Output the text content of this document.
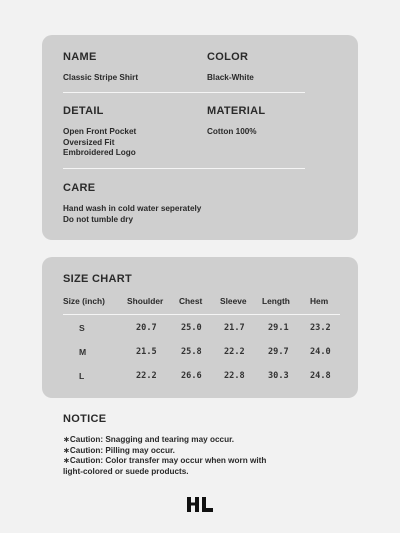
NAME
Classic Stripe Shirt
COLOR
Black-White
DETAIL
Open Front Pocket
Oversized Fit
Embroidered Logo
MATERIAL
Cotton 100%
CARE
Hand wash in cold water seperately
Do not tumble dry
SIZE CHART
Size (inch)	Shoulder Chest Sleeve Length Hem
S	20.7	25.0	21.7	29.1 23.2
M	21.5	25.8	22.2	29.7 24.0
L	22.2	26.6	22.8	30.3 24.8
NOTICE
∗Caution: Snagging and tearing may occur.
∗Caution: Pilling may occur.
∗Caution: Color transfer may occur when worn with
light-colored or suede products.
